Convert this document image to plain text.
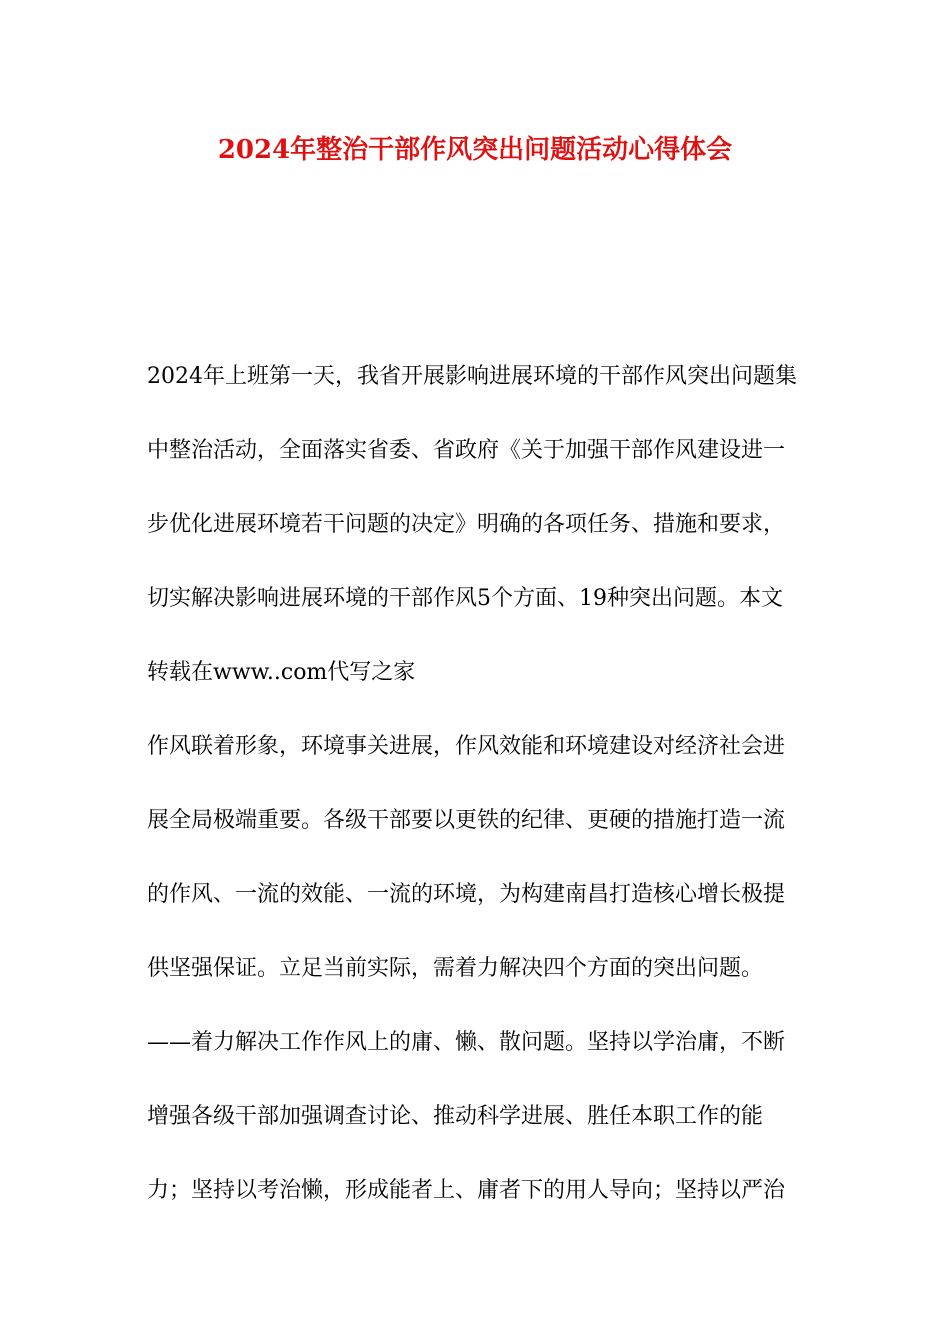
2024年整治干部作风突出问题活动心得体会
2024年上班第一天，我省开展影响进展环境的干部作风突出问题集
中整治活动，全面落实省委、省政府《关于加强干部作风建设进一
步优化进展环境若干问题的决定》明确的各项任务、措施和要求，
切实解决影响进展环境的干部作风5个方面、19种突出问题。本文
转载在www..com代写之家
作风联着形象，环境事关进展，作风效能和环境建设对经济社会进
展全局极端重要。各级干部要以更铁的纪律、更硬的措施打造一流
的作风、一流的效能、一流的环境，为构建南昌打造核心增长极提
供坚强保证。立足当前实际，需着力解决四个方面的突出问题。
——着力解决工作作风上的庸、懒、散问题。坚持以学治庸，不断
增强各级干部加强调查讨论、推动科学进展、胜任本职工作的能
力；坚持以考治懒，形成能者上、庸者下的用人导向；坚持以严治
